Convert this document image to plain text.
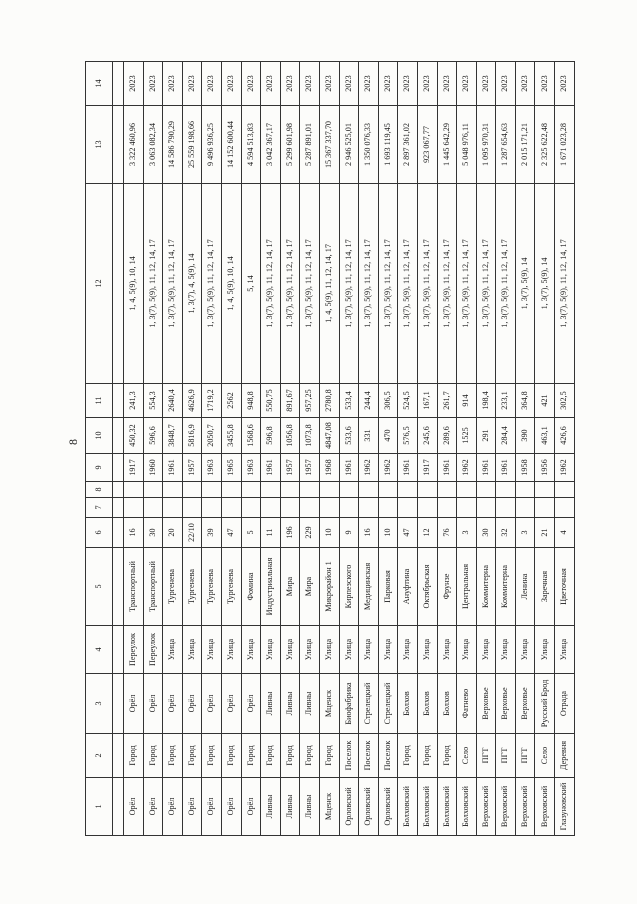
8
1	2	3	4	5	6	7	8	9	10	11	12	13	14

Орёл	Город	Орёл	Переулок	Транспортный	16			1917	450,32	241,3	1, 4, 5(9), 10, 14	3 322 460,96	2023
Орёл	Город	Орёл	Переулок	Транспортный	30			1960	596,6	554,3	1, 3(7), 5(9), 11, 12, 14, 17	3 063 082,34	2023
Орёл	Город	Орёл	Улица	Тургенева	20			1961	3848,7	2640,4	1, 3(7), 5(9), 11, 12, 14, 17	14 586 790,29	2023
Орёл	Город	Орёл	Улица	Тургенева	22/10			1957	5816,9	4626,9	1, 3(7), 4, 5(9), 14	25 559 198,66	2023
Орёл	Город	Орёл	Улица	Тургенева	39			1963	2050,7	1719,2	1, 3(7), 5(9), 11, 12, 14, 17	9 496 936,25	2023
Орёл	Город	Орёл	Улица	Тургенева	47			1965	3455,8	2562	1, 4, 5(9), 10, 14	14 152 600,44	2023
Орёл	Город	Орёл	Улица	Фомина	5			1963	1568,6	948,8	5, 14	4 594 513,83	2023
Ливны	Город	Ливны	Улица	Индустриальная	11			1961	596,8	550,75	1, 3(7), 5(9), 11, 12, 14, 17	3 042 367,17	2023
Ливны	Город	Ливны	Улица	Мира	196			1957	1056,8	891,67	1, 3(7), 5(9), 11, 12, 14, 17	5 299 601,98	2023
Ливны	Город	Ливны	Улица	Мира	229			1957	1073,8	957,25	1, 3(7), 5(9), 11, 12, 14, 17	5 287 891,01	2023
Мценск	Город	Мценск	Улица	Микрорайон 1	10			1968	4847,08	2780,8	1, 4, 5(9), 11, 12, 14, 17	15 367 337,70	2023
Орловский	Поселок	Биофабрика	Улица	Кирпезского	9			1961	533,6	533,4	1, 3(7), 5(9), 11, 12, 14, 17	2 946 525,01	2023
Орловский	Поселок	Стрелецкий	Улица	Медицинская	16			1962	331	244,4	1, 3(7), 5(9), 11, 12, 14, 17	1 350 076,33	2023
Орловский	Поселок	Стрелецкий	Улица	Парковая	10			1962	470	306,5	1, 3(7), 5(9), 11, 12, 14, 17	1 693 119,45	2023
Болховский	Город	Болхов	Улица	Ануфтина	47			1961	576,5	524,5	1, 3(7), 5(9), 11, 12, 14, 17	2 897 361,02	2023
Болховский	Город	Болхов	Улица	Октябрьская	12			1917	245,6	167,1	1, 3(7), 5(9), 11, 12, 14, 17	923 067,77	2023
Болховский	Город	Болхов	Улица	Фрунзе	76			1961	289,6	261,7	1, 3(7), 5(9), 11, 12, 14, 17	1 445 642,29	2023
Болховский	Село	Фатнево	Улица	Центральная	3			1962	1525	914	1, 3(7), 5(9), 11, 12, 14, 17	5 048 976,11	2023
Верховский	ПГТ	Верховье	Улица	Коммитерна	30			1961	291	198,4	1, 3(7), 5(9), 11, 12, 14, 17	1 095 970,31	2023
Верховский	ПГТ	Верховье	Улица	Коммитерна	32			1961	284,4	233,1	1, 3(7), 5(9), 11, 12, 14, 17	1 287 654,63	2023
Верховский	ПГТ	Верховье	Улица	Ленина	3			1958	390	364,8	1, 3(7), 5(9), 14	2 015 171,21	2023
Верховский	Село	Русский Брод	Улица	Заречная	21			1956	463,1	421	1, 3(7), 5(9), 14	2 325 622,48	2023
Глазуновский	Деревня	Отрада	Улица	Цветочная	4			1962	426,6	302,5	1, 3(7), 5(9), 11, 12, 14, 17	1 671 023,28	2023
